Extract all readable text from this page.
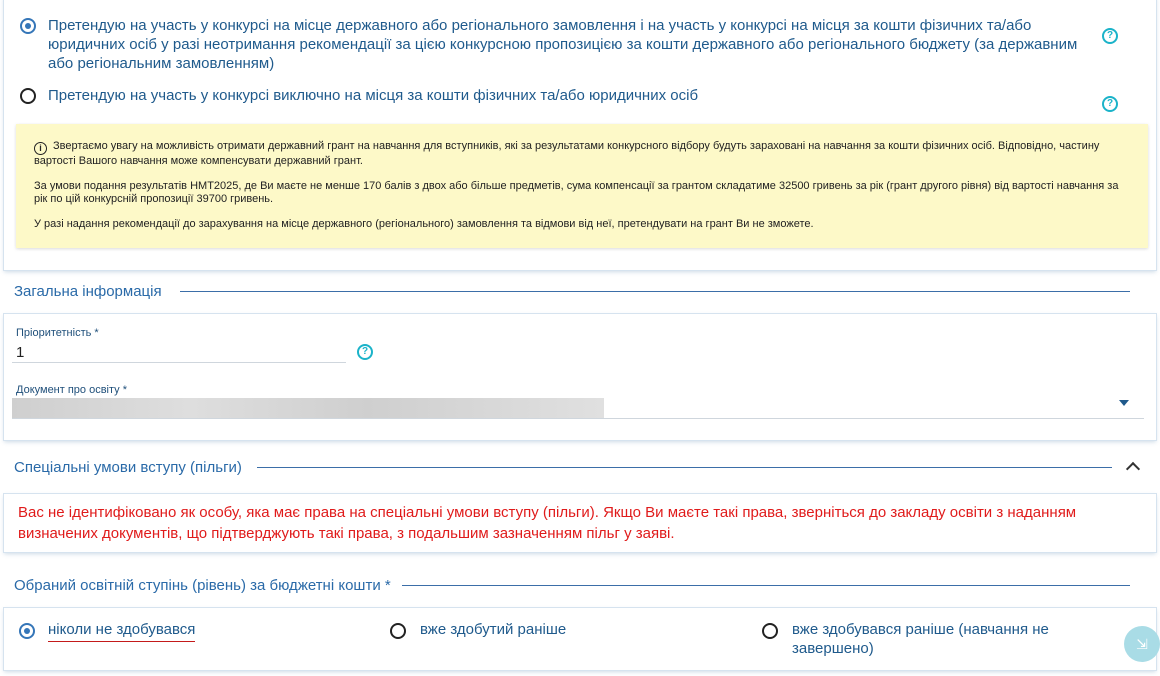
Претендую на участь у конкурсі на місце державного або регіонального замовлення і на участь у конкурсі на місця за кошти фізичних та/або юридичних осіб у разі неотримання рекомендації за цією конкурсною пропозицією за кошти державного або регіонального бюджету (за державним або регіональним замовленням)
?
Претендую на участь у конкурсі виключно на місця за кошти фізичних та/або юридичних осіб	?

i Звертаємо увагу на можливість отримати державний грант на навчання для вступників, які за результатами конкурсного відбору будуть зараховані на навчання за кошти фізичних осіб. Відповідно, частину вартості Вашого навчання може компенсувати державний грант.

За умови подання результатів НМТ2025, де Ви маєте не менше 170 балів з двох або більше предметів, сума компенсації за грантом складатиме 32500 гривень за рік (грант другого рівня) від вартості навчання за рік по цій конкурсній пропозиції 39700 гривень.

У разі надання рекомендації до зарахування на місце державного (регіонального) замовлення та відмови від неї, претендувати на грант Ви не зможете.

Загальна інформація
Пріоритетність *
1	?
Документ про освіту *
Спеціальні умови вступу (пільги)
Вас не ідентифіковано як особу, яка має права на спеціальні умови вступу (пільги). Якщо Ви маєте такі права, зверніться до закладу освіти з наданням визначених документів, що підтверджують такі права, з подальшим зазначенням пільг у заяві.
Обраний освітній ступінь (рівень) за бюджетні кошти *
ніколи не здобувався	вже здобутий раніше	вже здобувався раніше (навчання не завершено)	⇲
